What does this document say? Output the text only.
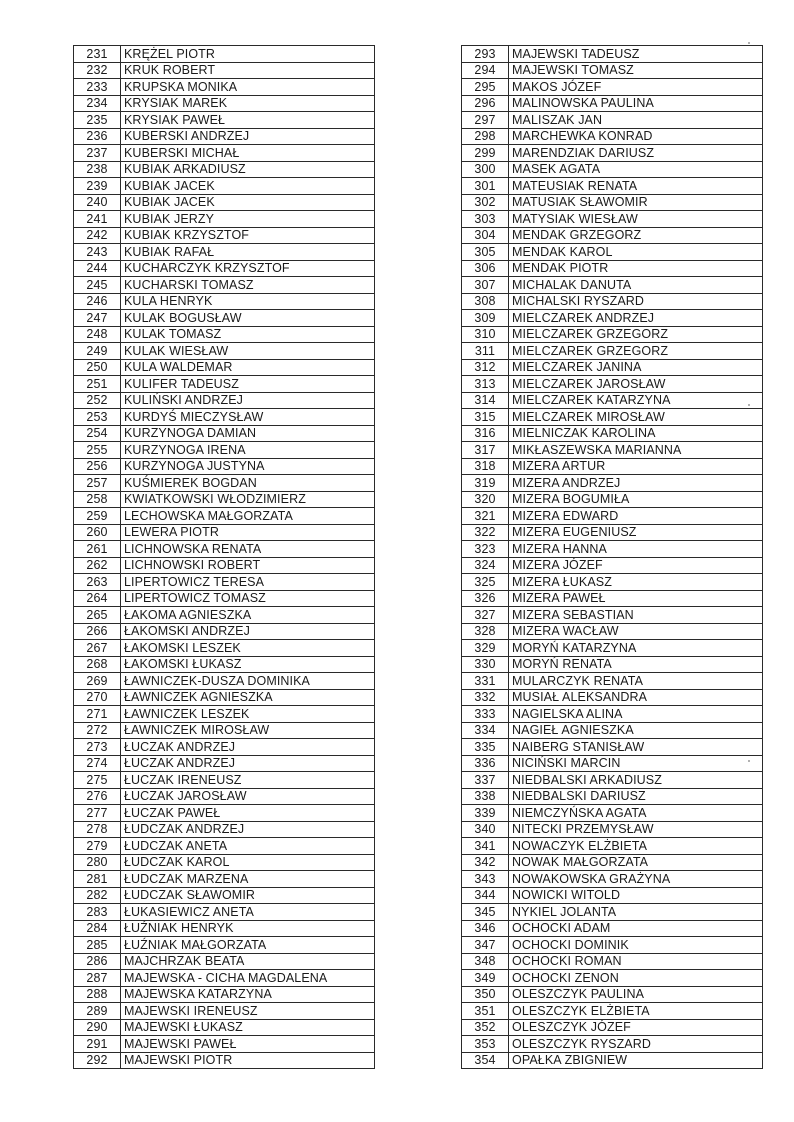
231	KRĘŻEL PIOTR
232	KRUK ROBERT
233	KRUPSKA MONIKA
234	KRYSIAK MAREK
235	KRYSIAK PAWEŁ
236	KUBERSKI ANDRZEJ
237	KUBERSKI MICHAŁ
238	KUBIAK ARKADIUSZ
239	KUBIAK JACEK
240	KUBIAK JACEK
241	KUBIAK JERZY
242	KUBIAK KRZYSZTOF
243	KUBIAK RAFAŁ
244	KUCHARCZYK KRZYSZTOF
245	KUCHARSKI TOMASZ
246	KULA HENRYK
247	KULAK BOGUSŁAW
248	KULAK TOMASZ
249	KULAK WIESŁAW
250	KULA WALDEMAR
251	KULIFER TADEUSZ
252	KULIŃSKI ANDRZEJ
253	KURDYŚ MIECZYSŁAW
254	KURZYNOGA DAMIAN
255	KURZYNOGA IRENA
256	KURZYNOGA JUSTYNA
257	KUŚMIEREK BOGDAN
258	KWIATKOWSKI WŁODZIMIERZ
259	LECHOWSKA MAŁGORZATA
260	LEWERA PIOTR
261	LICHNOWSKA RENATA
262	LICHNOWSKI ROBERT
263	LIPERTOWICZ TERESA
264	LIPERTOWICZ TOMASZ
265	ŁAKOMA AGNIESZKA
266	ŁAKOMSKI ANDRZEJ
267	ŁAKOMSKI LESZEK
268	ŁAKOMSKI ŁUKASZ
269	ŁAWNICZEK-DUSZA DOMINIKA
270	ŁAWNICZEK AGNIESZKA
271	ŁAWNICZEK LESZEK
272	ŁAWNICZEK MIROSŁAW
273	ŁUCZAK ANDRZEJ
274	ŁUCZAK ANDRZEJ
275	ŁUCZAK IRENEUSZ
276	ŁUCZAK JAROSŁAW
277	ŁUCZAK PAWEŁ
278	ŁUDCZAK ANDRZEJ
279	ŁUDCZAK ANETA
280	ŁUDCZAK KAROL
281	ŁUDCZAK MARZENA
282	ŁUDCZAK SŁAWOMIR
283	ŁUKASIEWICZ ANETA
284	ŁUŹNIAK HENRYK
285	ŁUŹNIAK MAŁGORZATA
286	MAJCHRZAK BEATA
287	MAJEWSKA - CICHA MAGDALENA
288	MAJEWSKA KATARZYNA
289	MAJEWSKI IRENEUSZ
290	MAJEWSKI ŁUKASZ
291	MAJEWSKI PAWEŁ
292	MAJEWSKI PIOTR
293	MAJEWSKI TADEUSZ
294	MAJEWSKI TOMASZ
295	MAKOS JÓZEF
296	MALINOWSKA PAULINA
297	MALISZAK JAN
298	MARCHEWKA KONRAD
299	MARENDZIAK DARIUSZ
300	MASEK AGATA
301	MATEUSIAK RENATA
302	MATUSIAK SŁAWOMIR
303	MATYSIAK WIESŁAW
304	MENDAK GRZEGORZ
305	MENDAK KAROL
306	MENDAK PIOTR
307	MICHALAK DANUTA
308	MICHALSKI RYSZARD
309	MIELCZAREK ANDRZEJ
310	MIELCZAREK GRZEGORZ
311	MIELCZAREK GRZEGORZ
312	MIELCZAREK JANINA
313	MIELCZAREK JAROSŁAW
314	MIELCZAREK KATARZYNA
315	MIELCZAREK MIROSŁAW
316	MIELNICZAK KAROLINA
317	MIKŁASZEWSKA MARIANNA
318	MIZERA ARTUR
319	MIZERA ANDRZEJ
320	MIZERA BOGUMIŁA
321	MIZERA EDWARD
322	MIZERA EUGENIUSZ
323	MIZERA HANNA
324	MIZERA JÓZEF
325	MIZERA ŁUKASZ
326	MIZERA PAWEŁ
327	MIZERA SEBASTIAN
328	MIZERA WACŁAW
329	MORYŃ KATARZYNA
330	MORYŃ RENATA
331	MULARCZYK RENATA
332	MUSIAŁ ALEKSANDRA
333	NAGIELSKA ALINA
334	NAGIEŁ AGNIESZKA
335	NAIBERG STANISŁAW
336	NICIŃSKI MARCIN
337	NIEDBALSKI ARKADIUSZ
338	NIEDBALSKI DARIUSZ
339	NIEMCZYŃSKA AGATA
340	NITECKI PRZEMYSŁAW
341	NOWACZYK ELŻBIETA
342	NOWAK MAŁGORZATA
343	NOWAKOWSKA GRAŻYNA
344	NOWICKI WITOLD
345	NYKIEL JOLANTA
346	OCHOCKI ADAM
347	OCHOCKI DOMINIK
348	OCHOCKI ROMAN
349	OCHOCKI ZENON
350	OLESZCZYK PAULINA
351	OLESZCZYK ELŻBIETA
352	OLESZCZYK JÓZEF
353	OLESZCZYK RYSZARD
354	OPAŁKA ZBIGNIEW
